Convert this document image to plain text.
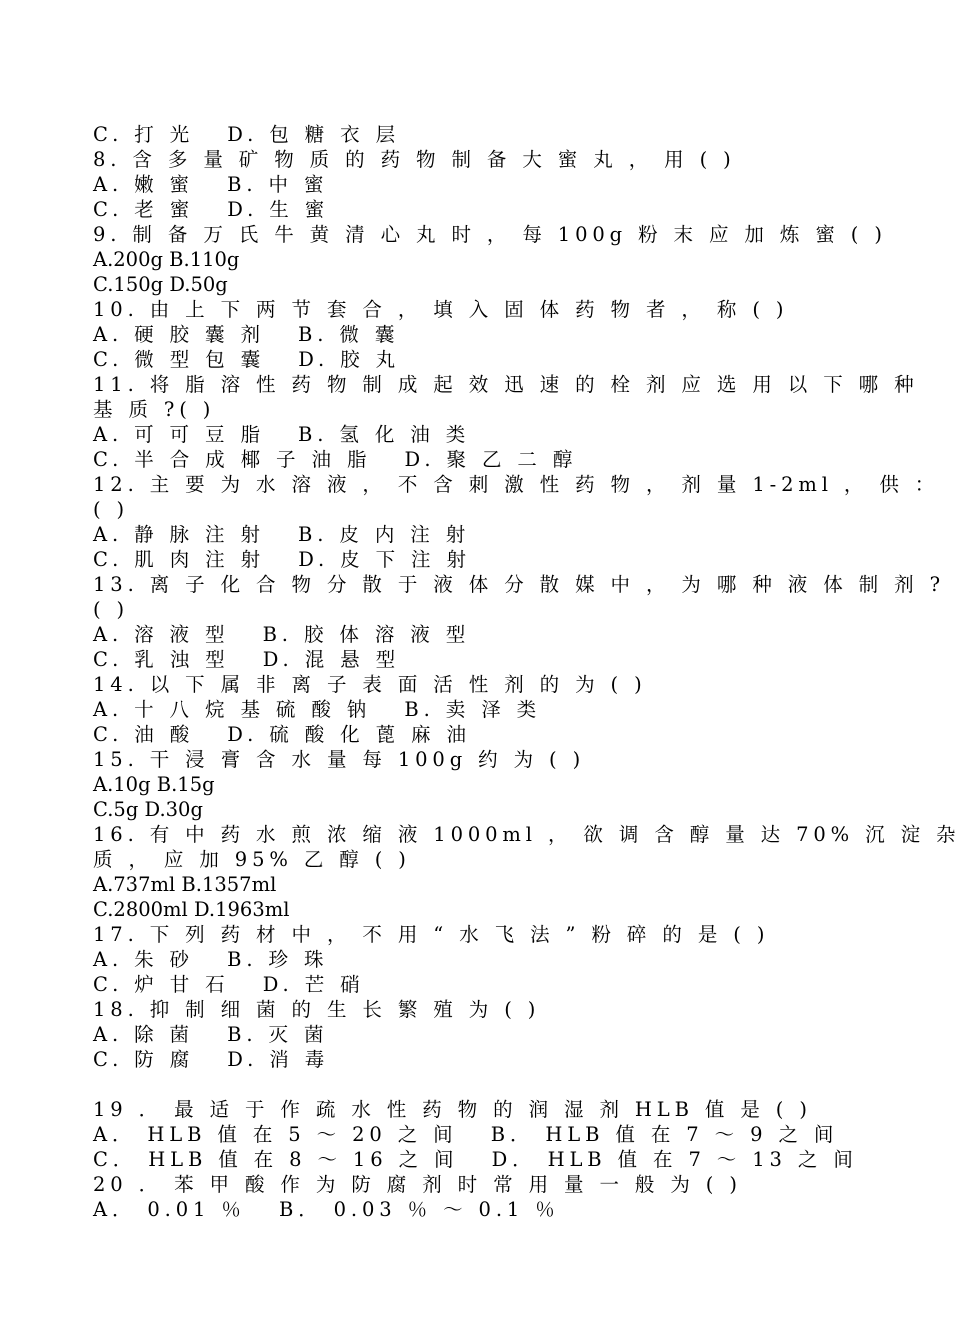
C. 打 光   D. 包 糖 衣 层
8. 含 多 量 矿 物 质 的 药 物 制 备 大 蜜 丸 ， 用 ( )
A. 嫩 蜜   B. 中 蜜
C. 老 蜜   D. 生 蜜
9. 制 备 万 氏 牛 黄 清 心 丸 时 ， 每 100g 粉 末 应 加 炼 蜜 ( )
A.200g B.110g
C.150g D.50g
10. 由 上 下 两 节 套 合 ， 填 入 固 体 药 物 者 ， 称 ( )
A. 硬 胶 囊 剂   B. 微 囊
C. 微 型 包 囊   D. 胶 丸
11. 将 脂 溶 性 药 物 制 成 起 效 迅 速 的 栓 剂 应 选 用 以 下 哪 种
基 质 ?( )
A. 可 可 豆 脂   B. 氢 化 油 类
C. 半 合 成 椰 子 油 脂   D. 聚 乙 二 醇
12. 主 要 为 水 溶 液 ， 不 含 刺 激 性 药 物 ， 剂 量 1-2ml ， 供 ：
( )
A. 静 脉 注 射   B. 皮 内 注 射
C. 肌 肉 注 射   D. 皮 下 注 射
13. 离 子 化 合 物 分 散 于 液 体 分 散 媒 中 ， 为 哪 种 液 体 制 剂 ?
( )
A. 溶 液 型   B. 胶 体 溶 液 型
C. 乳 浊 型   D. 混 悬 型
14. 以 下 属 非 离 子 表 面 活 性 剂 的 为 ( )
A. 十 八 烷 基 硫 酸 钠   B. 卖 泽 类
C. 油 酸   D. 硫 酸 化 蓖 麻 油
15. 干 浸 膏 含 水 量 每 100g 约 为 ( )
A.10g B.15g
C.5g D.30g
16. 有 中 药 水 煎 浓 缩 液 1000ml ， 欲 调 含 醇 量 达 70% 沉 淀 杂
质 ， 应 加 95% 乙 醇 ( )
A.737ml B.1357ml
C.2800ml D.1963ml
17. 下 列 药 材 中 ， 不 用 “ 水 飞 法 ” 粉 碎 的 是 ( )
A. 朱 砂   B. 珍 珠
C. 炉 甘 石   D. 芒 硝
18. 抑 制 细 菌 的 生 长 繁 殖 为 ( )
A. 除 菌   B. 灭 菌
C. 防 腐   D. 消 毒
19 ． 最 适 于 作 疏 水 性 药 物 的 润 湿 剂 HLB 值 是 ( )
A． HLB 值 在 5 ～ 20 之 间   B． HLB 值 在 7 ～ 9 之 间
C． HLB 值 在 8 ～ 16 之 间   D． HLB 值 在 7 ～ 13 之 间
20 ． 苯 甲 酸 作 为 防 腐 剂 时 常 用 量 一 般 为 ( )
A． 0.01 ％   B． 0.03 ％ ～ 0.1 ％
